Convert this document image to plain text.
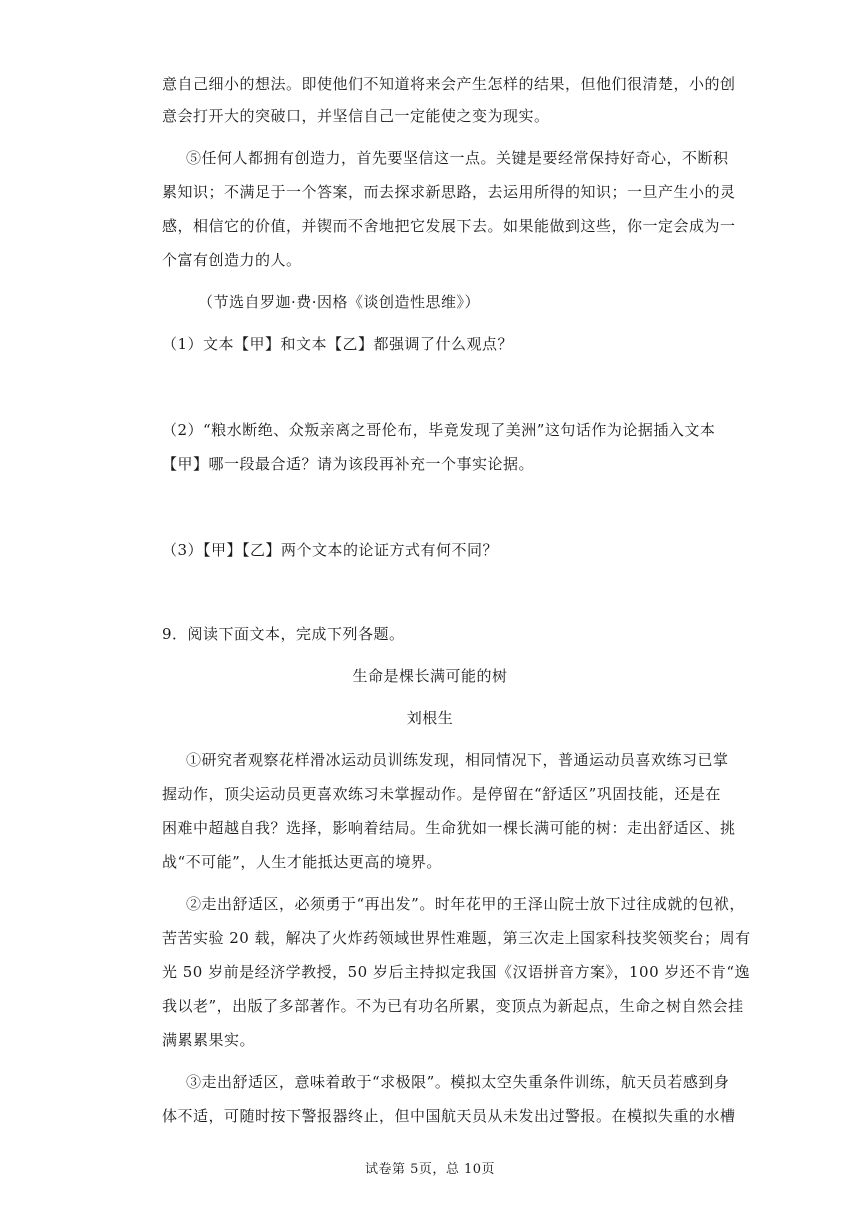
意自己细小的想法。即使他们不知道将来会产生怎样的结果，但他们很清楚，小的创
意会打开大的突破口，并坚信自己一定能使之变为现实。
⑤任何人都拥有创造力，首先要坚信这一点。关键是要经常保持好奇心，不断积
累知识；不满足于一个答案，而去探求新思路，去运用所得的知识；一旦产生小的灵
感，相信它的价值，并锲而不舍地把它发展下去。如果能做到这些，你一定会成为一
个富有创造力的人。
（节选自罗迦·费·因格《谈创造性思维》）
（1）文本【甲】和文本【乙】都强调了什么观点？
（2）“粮水断绝、众叛亲离之哥伦布，毕竟发现了美洲”这句话作为论据插入文本
【甲】哪一段最合适？请为该段再补充一个事实论据。
（3）【甲】【乙】两个文本的论证方式有何不同？
9．阅读下面文本，完成下列各题。
生命是棵长满可能的树
刘根生
①研究者观察花样滑冰运动员训练发现，相同情况下，普通运动员喜欢练习已掌
握动作，顶尖运动员更喜欢练习未掌握动作。是停留在“舒适区”巩固技能，还是在
困难中超越自我？选择，影响着结局。生命犹如一棵长满可能的树：走出舒适区、挑
战“不可能”，人生才能抵达更高的境界。
②走出舒适区，必须勇于“再出发”。时年花甲的王泽山院士放下过往成就的包袱，
苦苦实验 20 载，解决了火炸药领域世界性难题，第三次走上国家科技奖领奖台；周有
光 50 岁前是经济学教授，50 岁后主持拟定我国《汉语拼音方案》，100 岁还不肯“逸
我以老”，出版了多部著作。不为已有功名所累，变顶点为新起点，生命之树自然会挂
满累累果实。
③走出舒适区，意味着敢于“求极限”。模拟太空失重条件训练，航天员若感到身
体不适，可随时按下警报器终止，但中国航天员从未发出过警报。在模拟失重的水槽
试卷第 5页，总 10页
